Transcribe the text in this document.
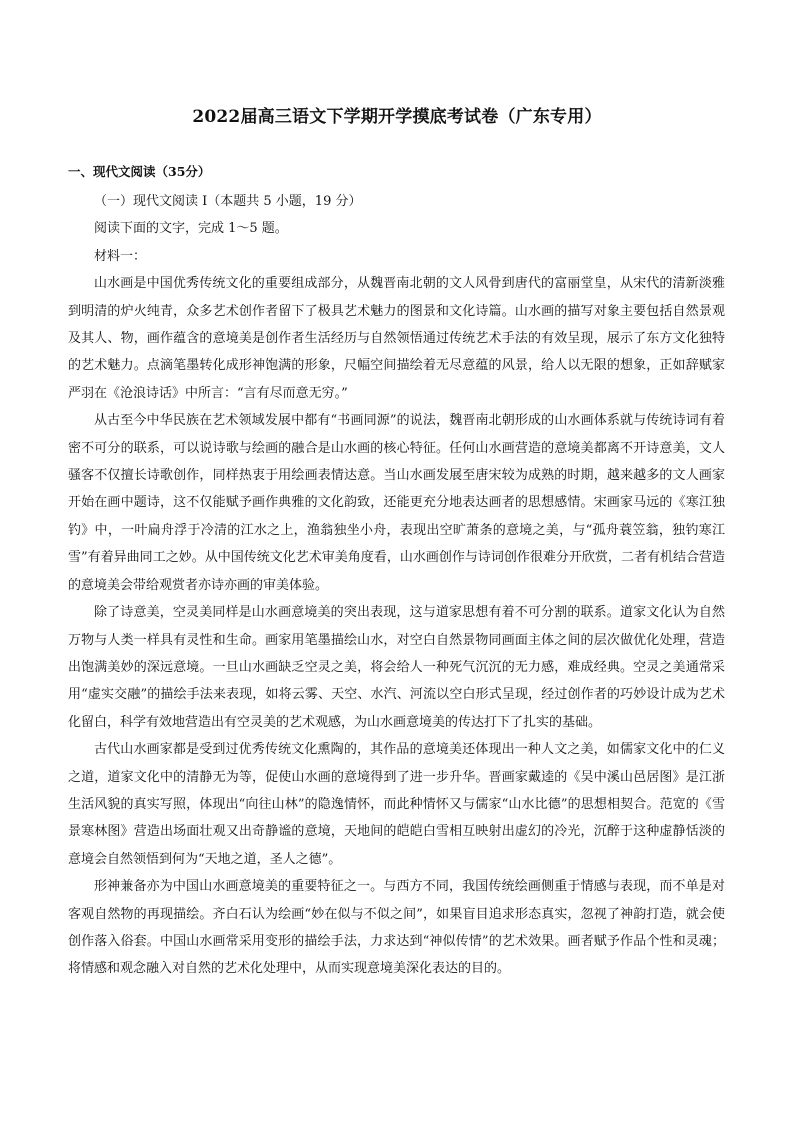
2022届高三语文下学期开学摸底考试卷（广东专用）
一、现代文阅读（35分）
（一）现代文阅读 I（本题共 5 小题，19 分）
阅读下面的文字，完成 1～5 题。
材料一：

山水画是中国优秀传统文化的重要组成部分，从魏晋南北朝的文人风骨到唐代的富丽堂皇，从宋代的清新淡雅到明清的炉火纯青，众多艺术创作者留下了极具艺术魅力的图景和文化诗篇。山水画的描写对象主要包括自然景观及其人、物，画作蕴含的意境美是创作者生活经历与自然领悟通过传统艺术手法的有效呈现，展示了东方文化独特的艺术魅力。点滴笔墨转化成形神饱满的形象，尺幅空间描绘着无尽意蕴的风景，给人以无限的想象，正如辞赋家严羽在《沧浪诗话》中所言：“言有尽而意无穷。”

从古至今中华民族在艺术领域发展中都有“书画同源”的说法，魏晋南北朝形成的山水画体系就与传统诗词有着密不可分的联系，可以说诗歌与绘画的融合是山水画的核心特征。任何山水画营造的意境美都离不开诗意美，文人骚客不仅擅长诗歌创作，同样热衷于用绘画表情达意。当山水画发展至唐宋较为成熟的时期，越来越多的文人画家开始在画中题诗，这不仅能赋予画作典雅的文化韵致，还能更充分地表达画者的思想感情。宋画家马远的《寒江独钓》中，一叶扁舟浮于冷清的江水之上，渔翁独坐小舟，表现出空旷萧条的意境之美，与“孤舟蓑笠翁，独钓寒江雪”有着异曲同工之妙。从中国传统文化艺术审美角度看，山水画创作与诗词创作很难分开欣赏，二者有机结合营造的意境美会带给观赏者亦诗亦画的审美体验。

除了诗意美，空灵美同样是山水画意境美的突出表现，这与道家思想有着不可分割的联系。道家文化认为自然万物与人类一样具有灵性和生命。画家用笔墨描绘山水，对空白自然景物同画面主体之间的层次做优化处理，营造出饱满美妙的深远意境。一旦山水画缺乏空灵之美，将会给人一种死气沉沉的无力感，难成经典。空灵之美通常采用“虚实交融”的描绘手法来表现，如将云雾、天空、水汽、河流以空白形式呈现，经过创作者的巧妙设计成为艺术化留白，科学有效地营造出有空灵美的艺术观感，为山水画意境美的传达打下了扎实的基础。

古代山水画家都是受到过优秀传统文化熏陶的，其作品的意境美还体现出一种人文之美，如儒家文化中的仁义之道，道家文化中的清静无为等，促使山水画的意境得到了进一步升华。晋画家戴逵的《吴中溪山邑居图》是江浙生活风貌的真实写照，体现出“向往山林”的隐逸情怀，而此种情怀又与儒家“山水比德”的思想相契合。范宽的《雪景寒林图》营造出场面壮观又出奇静谧的意境，天地间的皑皑白雪相互映射出虚幻的冷光，沉醉于这种虚静恬淡的意境会自然领悟到何为“天地之道，圣人之德”。

形神兼备亦为中国山水画意境美的重要特征之一。与西方不同，我国传统绘画侧重于情感与表现，而不单是对客观自然物的再现描绘。齐白石认为绘画“妙在似与不似之间”，如果盲目追求形态真实，忽视了神韵打造，就会使创作落入俗套。中国山水画常采用变形的描绘手法，力求达到“神似传情”的艺术效果。画者赋予作品个性和灵魂；将情感和观念融入对自然的艺术化处理中，从而实现意境美深化表达的目的。
